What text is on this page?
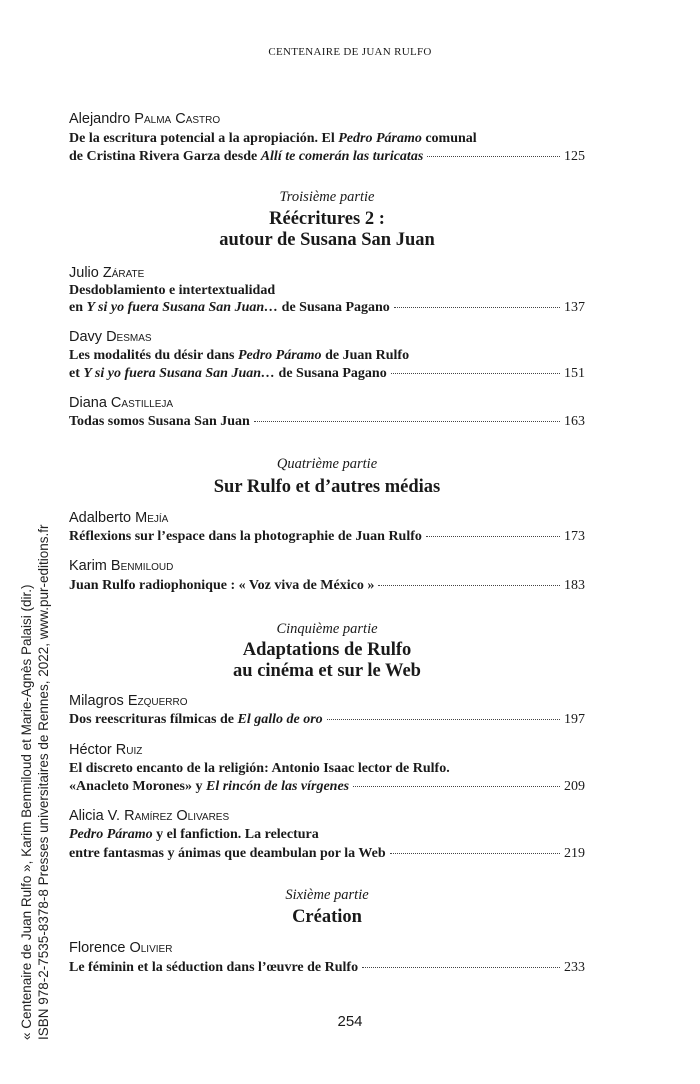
CENTENAIRE DE JUAN RULFO
Alejandro Palma Castro
De la escritura potencial a la apropiación. El Pedro Páramo comunal
de Cristina Rivera Garza desde Allí te comerán las turicatas	125
Julio Zárate
Desdoblamiento e intertextualidad
en Y si yo fuera Susana San Juan… de Susana Pagano	137
Davy Desmas
Les modalités du désir dans Pedro Páramo de Juan Rulfo
et Y si yo fuera Susana San Juan… de Susana Pagano	151
Diana Castilleja
Todas somos Susana San Juan	163
Adalberto Mejía
Réflexions sur l’espace dans la photographie de Juan Rulfo	173
Karim Benmiloud
Juan Rulfo radiophonique : « Voz viva de México »	183
Milagros Ezquerro
Dos reescrituras fílmicas de El gallo de oro	197
Héctor Ruiz
El discreto encanto de la religión: Antonio Isaac lector de Rulfo.
«Anacleto Morones» y El rincón de las vírgenes	209
Alicia V. Ramírez Olivares
Pedro Páramo y el fanfiction. La relectura
entre fantasmas y ánimas que deambulan por la Web	219
Florence Olivier
Le féminin et la séduction dans l’œuvre de Rulfo	233
Troisième partie
Réécritures 2 :
autour de Susana San Juan
Quatrième partie
Sur Rulfo et d’autres médias
Cinquième partie
Adaptations de Rulfo
au cinéma et sur le Web
Sixième partie
Création
254
« Centenaire de Juan Rulfo », Karim Benmiloud et Marie-Agnès Palaisi (dir.) ISBN 978-2-7535-8378-8 Presses universitaires de Rennes, 2022, www.pur-editions.fr
